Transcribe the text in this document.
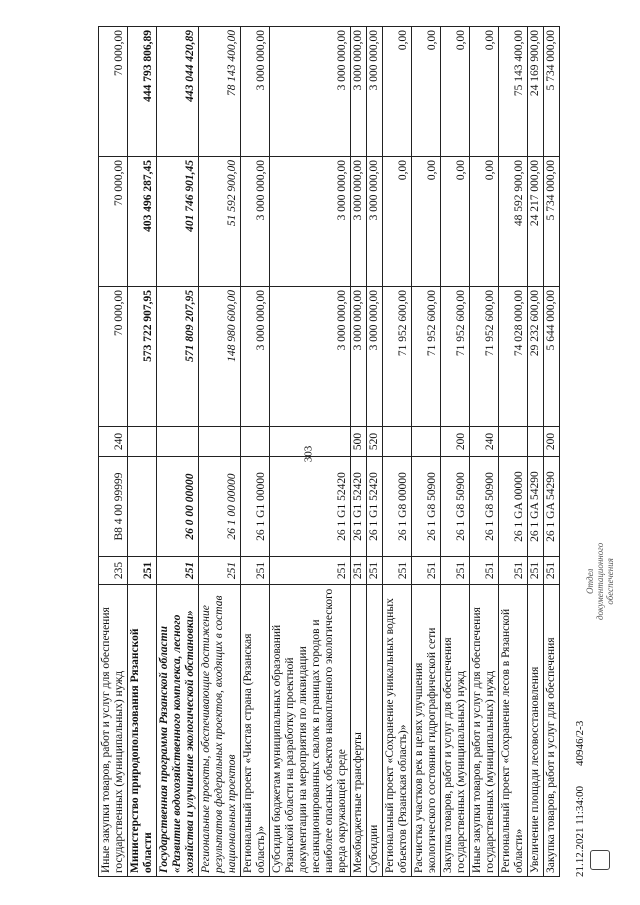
303
Иные закупки товаров, работ и услуг для обеспечения государственных (муниципальных) нужд	235	В8 4 00 99999	240		70 000,00	70 000,00	70 000,00
Министерство природопользования Рязанской области	251				573 722 907,95	403 496 287,45	444 793 806,89
Государственная программа Рязанской области «Развитие водохозяйственного комплекса, лесного хозяйства и улучшение экологической обстановки»	251	26 0 00 00000			571 809 207,95	401 746 901,45	443 044 420,89
Региональные проекты, обеспечивающие достижение результатов федеральных проектов, входящих в состав национальных проектов	251	26 1 00 00000			148 980 600,00	51 592 900,00	78 143 400,00
Региональный проект «Чистая страна (Рязанская область)»	251	26 1 G1 00000			3 000 000,00	3 000 000,00	3 000 000,00
Субсидии бюджетам муниципальных образований Рязанской области на разработку проектной документации на мероприятия по ликвидации несанкционированных свалок в границах городов и наиболее опасных объектов накопленного экологического вреда окружающей среде	251	26 1 G1 52420			3 000 000,00	3 000 000,00	3 000 000,00
Межбюджетные трансферты	251	26 1 G1 52420	500		3 000 000,00	3 000 000,00	3 000 000,00
Субсидии	251	26 1 G1 52420	520		3 000 000,00	3 000 000,00	3 000 000,00
Региональный проект «Сохранение уникальных водных объектов (Рязанская область)»	251	26 1 G8 00000			71 952 600,00	0,00	0,00
Расчистка участков рек в целях улучшения экологического состояния гидрографической сети	251	26 1 G8 50900			71 952 600,00	0,00	0,00
Закупка товаров, работ и услуг для обеспечения государственных (муниципальных) нужд	251	26 1 G8 50900	200		71 952 600,00	0,00	0,00
Иные закупки товаров, работ и услуг для обеспечения государственных (муниципальных) нужд	251	26 1 G8 50900	240		71 952 600,00	0,00	0,00
Региональный проект «Сохранение лесов в Рязанской области»	251	26 1 GA 00000			74 028 000,00	48 592 900,00	75 143 400,00
Увеличение площади лесовосстановления	251	26 1 GA 54290			29 232 600,00	24 217 000,00	24 169 900,00
Закупка товаров, работ и услуг для обеспечения	251	26 1 GA 54290	200		5 644 000,00	5 734 000,00	5 734 000,00
21.12.2021 11:34:00
40946/2-3
Отдел документационного обеспечения
